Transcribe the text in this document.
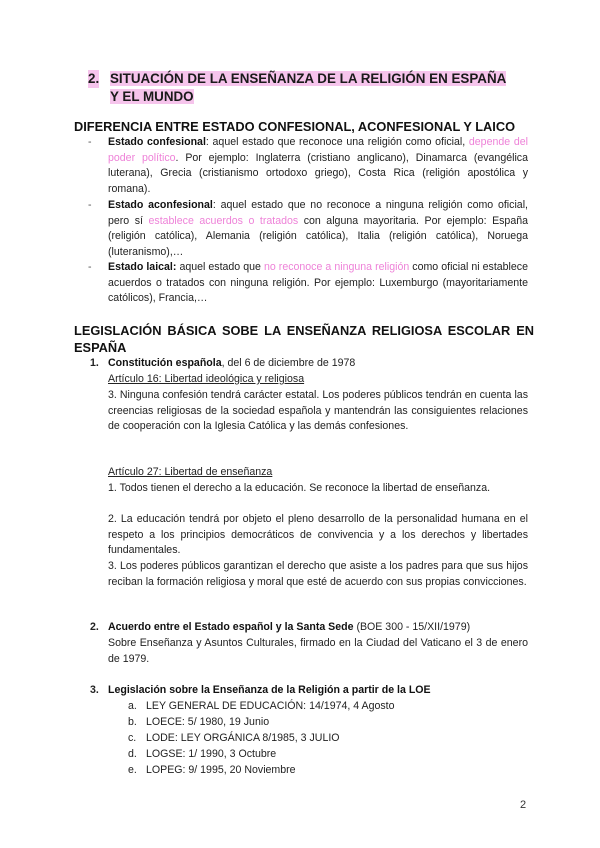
2. SITUACIÓN DE LA ENSEÑANZA DE LA RELIGIÓN EN ESPAÑA
Y EL MUNDO
DIFERENCIA ENTRE ESTADO CONFESIONAL, ACONFESIONAL Y LAICO
- Estado confesional: aquel estado que reconoce una religión como oficial, depende del poder político. Por ejemplo: Inglaterra (cristiano anglicano), Dinamarca (evangélica luterana), Grecia (cristianismo ortodoxo griego), Costa Rica (religión apostólica y romana).
- Estado aconfesional: aquel estado que no reconoce a ninguna religión como oficial, pero sí establece acuerdos o tratados con alguna mayoritaria. Por ejemplo: España (religión católica), Alemania (religión católica), Italia (religión católica), Noruega (luteranismo),…
- Estado laical: aquel estado que no reconoce a ninguna religión como oficial ni establece acuerdos o tratados con ninguna religión. Por ejemplo: Luxemburgo (mayoritariamente católicos), Francia,…
LEGISLACIÓN BÁSICA SOBE LA ENSEÑANZA RELIGIOSA ESCOLAR EN
ESPAÑA
1. Constitución española, del 6 de diciembre de 1978
Artículo 16: Libertad ideológica y religiosa
3. Ninguna confesión tendrá carácter estatal. Los poderes públicos tendrán en cuenta las creencias religiosas de la sociedad española y mantendrán las consiguientes relaciones de cooperación con la Iglesia Católica y las demás confesiones.
Artículo 27: Libertad de enseñanza
1. Todos tienen el derecho a la educación. Se reconoce la libertad de enseñanza.
2. La educación tendrá por objeto el pleno desarrollo de la personalidad humana en el respeto a los principios democráticos de convivencia y a los derechos y libertades fundamentales.
3. Los poderes públicos garantizan el derecho que asiste a los padres para que sus hijos reciban la formación religiosa y moral que esté de acuerdo con sus propias convicciones.
2. Acuerdo entre el Estado español y la Santa Sede (BOE 300 - 15/XII/1979)
Sobre Enseñanza y Asuntos Culturales, firmado en la Ciudad del Vaticano el 3 de enero de 1979.
3. Legislación sobre la Enseñanza de la Religión a partir de la LOE
a. LEY GENERAL DE EDUCACIÓN: 14/1974, 4 Agosto
b. LOECE: 5/ 1980, 19 Junio
c. LODE: LEY ORGÁNICA 8/1985, 3 JULIO
d. LOGSE: 1/ 1990, 3 Octubre
e. LOPEG: 9/ 1995, 20 Noviembre
2
